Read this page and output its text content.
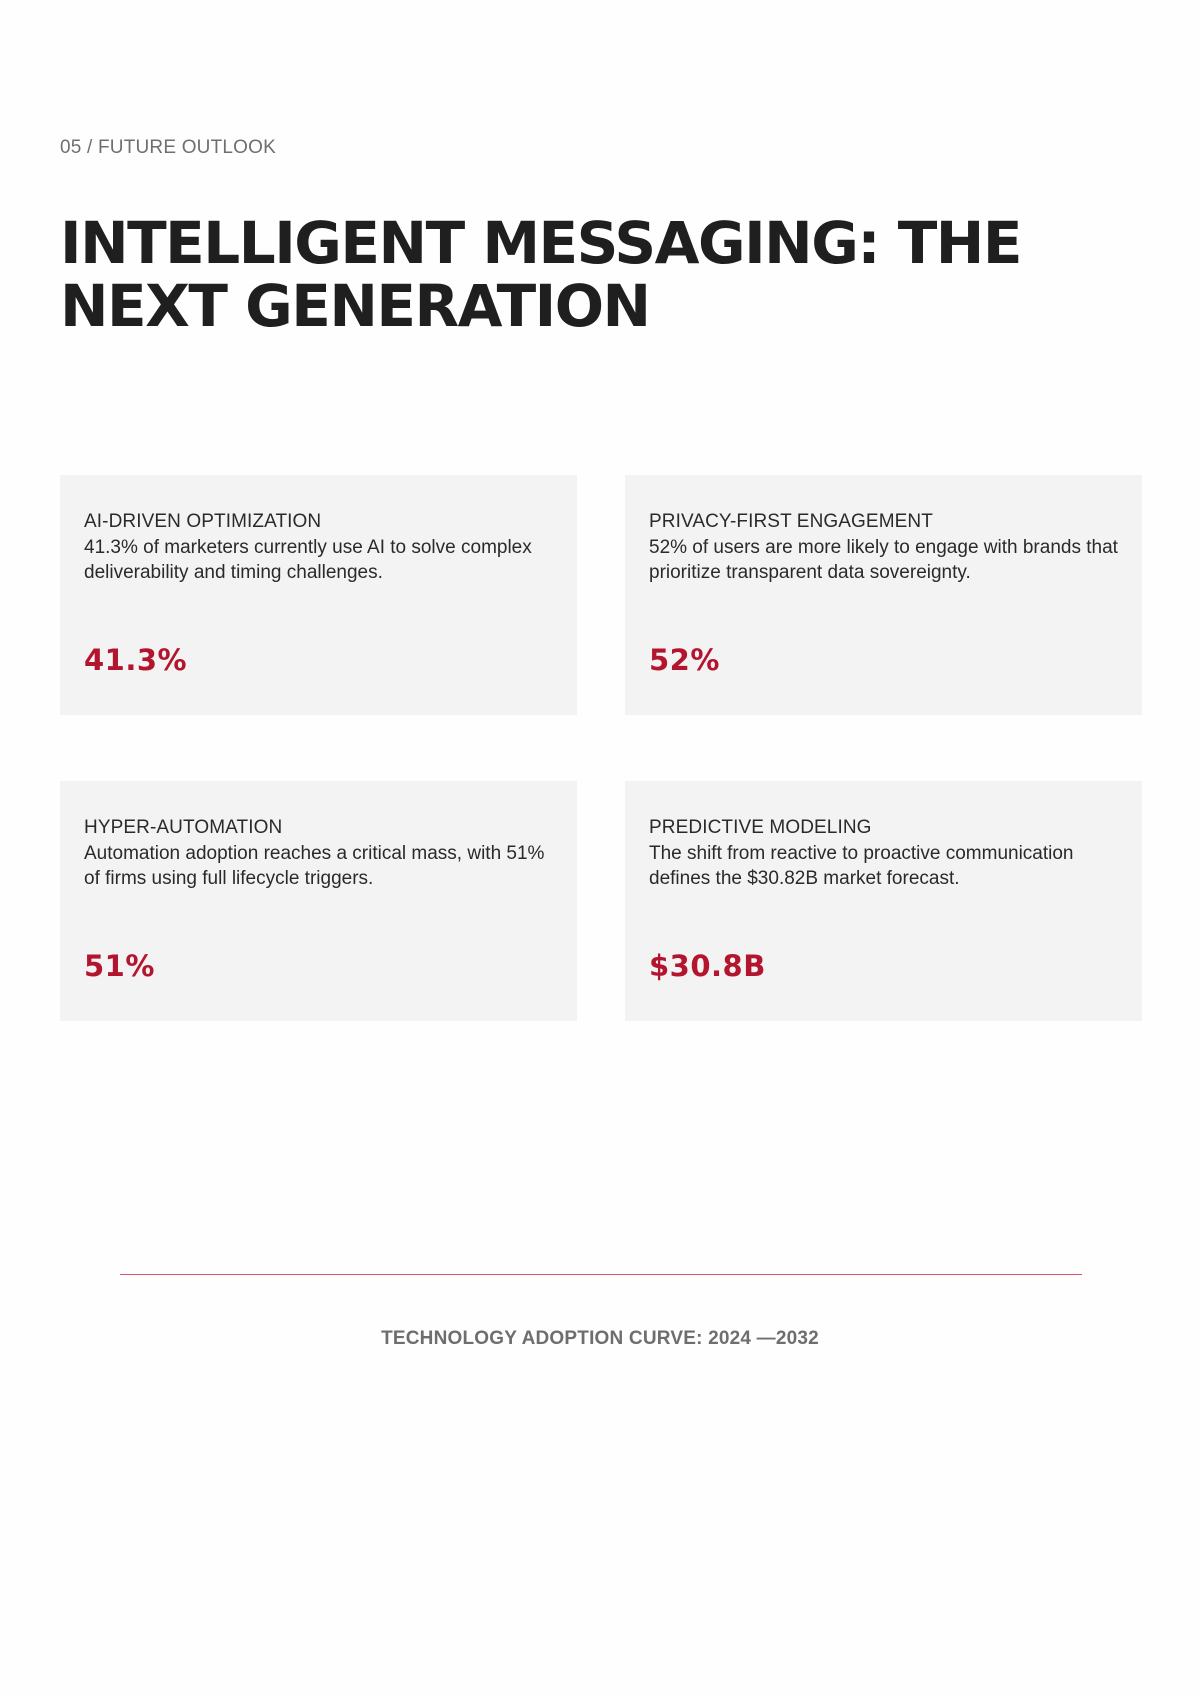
05 / FUTURE OUTLOOK
INTELLIGENT MESSAGING: THE NEXT GENERATION
AI-DRIVEN OPTIMIZATION
41.3% of marketers currently use AI to solve complex deliverability and timing challenges.
41.3%
PRIVACY-FIRST ENGAGEMENT
52% of users are more likely to engage with brands that prioritize transparent data sovereignty.
52%
HYPER-AUTOMATION
Automation adoption reaches a critical mass, with 51% of firms using full lifecycle triggers.
51%
PREDICTIVE MODELING
The shift from reactive to proactive communication defines the $30.82B market forecast.
$30.8B
TECHNOLOGY ADOPTION CURVE: 2024 —2032
